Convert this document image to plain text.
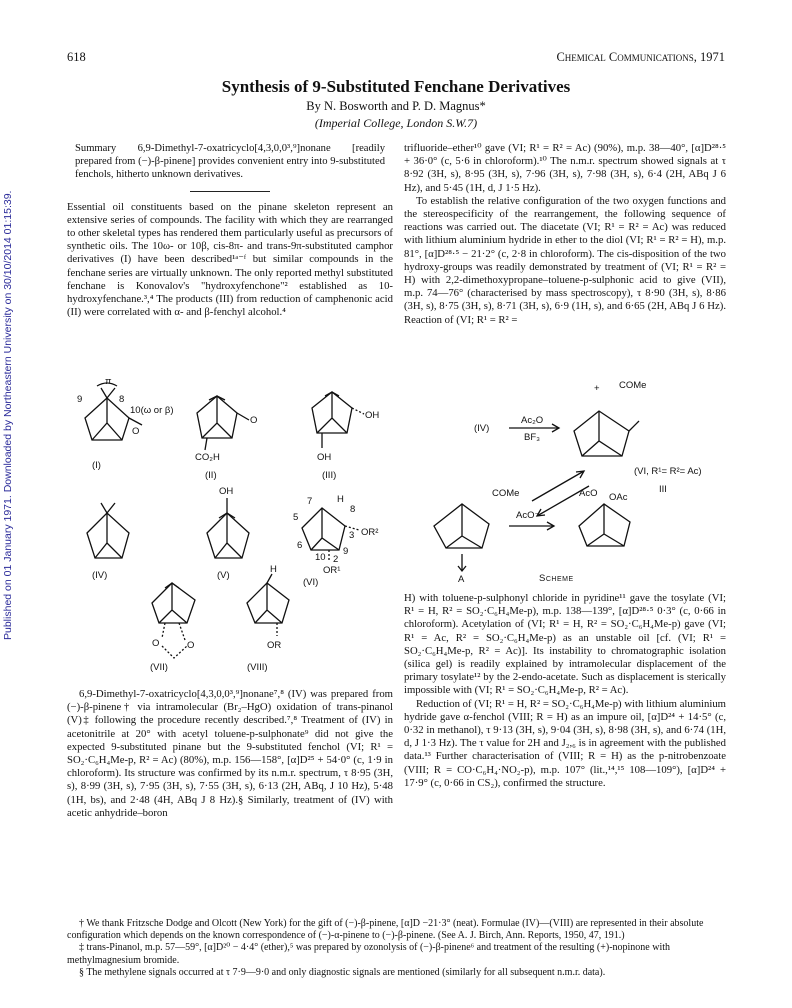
Published on 01 January 1971. Downloaded by Northeastern University on 30/10/2014 01:15:39.
618	Chemical Communications, 1971
Synthesis of 9-Substituted Fenchane Derivatives
By N. Bosworth and P. D. Magnus*
(Imperial College, London S.W.7)

Summary 6,9-Dimethyl-7-oxatricyclo[4,3,0,0³,⁹]nonane [readily prepared from (−)-β-pinene] provides convenient entry into 9-substituted fenchols, hitherto unknown derivatives.

Essential oil constituents based on the pinane skeleton represent an extensive series of compounds. The facility with which they are rearranged to other skeletal types has rendered them particularly useful as precursors of synthetic oils. The 10ω- or 10β, cis-8π- and trans-9π-substituted camphor derivatives (I) have been described¹ᵃ⁻ᶠ but similar compounds in the fenchane series are virtually unknown. The only reported methyl substituted fenchane is Konovalov's "hydroxyfenchone"² established as 10-hydroxyfenchane.³,⁴ The products (III) from reduction of camphenonic acid (II) were correlated with α- and β-fenchyl alcohol.⁴

trifluoride–ether¹⁰ gave (VI; R¹ = R² = Ac) (90%), m.p. 38—40°, [α]D²⁸·⁵ + 36·0° (c, 5·6 in chloroform).¹⁰ The n.m.r. spectrum showed signals at τ 8·92 (3H, s), 8·95 (3H, s), 7·96 (3H, s), 7·98 (3H, s), 6·4 (2H, ABq J 6 Hz), and 5·45 (1H, d, J 1·5 Hz).

To establish the relative configuration of the two oxygen functions and the stereospecificity of the rearrangement, the following sequence of reactions was carried out. The diacetate (VI; R¹ = R² = Ac) was reduced with lithium aluminium hydride in ether to the diol (VI; R¹ = R² = H), m.p. 81°, [α]D²⁸·⁵ − 21·2° (c, 2·8 in chloroform). The cis-disposition of the two hydroxy-groups was readily demonstrated by treatment of (VI; R¹ = R² = H) with 2,2-dimethoxypropane–toluene-p-sulphonic acid to give (VII), m.p. 74—76° (characterised by mass spectroscopy), τ 8·90 (3H, s), 8·86 (3H, s), 8·75 (3H, s), 8·71 (3H, s), 6·9 (1H, s), and 6·65 (2H, ABq J 6 Hz). Reaction of (VI; R¹ = R² =

π
9	8
10(ω or β)
O
(I)
O
CO₂H
(II)
OH
OH
(III)
(IV)
OH
(V)
7	H
8
5
6
3 OR²
10 2
9
OR¹
(VI)
O	O
(VII)
H
OR
(VIII)
+ COMe
(IV)
Ac₂O
BF₃
(VI, R¹= R²= Ac)
III
COMe	AcO OAc
AcO⁻
A	Scheme

6,9-Dimethyl-7-oxatricyclo[4,3,0,0³,⁹]nonane⁷,⁸ (IV) was prepared from (−)-β-pinene† via intramolecular (Br₂–HgO) oxidation of trans-pinanol (V)‡ following the procedure recently described.⁷,⁸ Treatment of (IV) in acetonitrile at 20° with acetyl toluene-p-sulphonate⁹ did not give the expected 9-substituted pinane but the 9-substituted fenchol (VI; R¹ = SO₂·C₆H₄Me-p, R² = Ac) (80%), m.p. 156—158°, [α]D²⁵ + 54·0° (c, 1·9 in chloroform). Its structure was confirmed by its n.m.r. spectrum, τ 8·95 (3H, s), 8·99 (3H, s), 7·95 (3H, s), 7·55 (3H, s), 6·13 (2H, ABq, J 10 Hz), 5·48 (1H, bs), and 2·48 (4H, ABq J 8 Hz).§ Similarly, treatment of (IV) with acetic anhydride–boron

H) with toluene-p-sulphonyl chloride in pyridine¹¹ gave the tosylate (VI; R¹ = H, R² = SO₂·C₆H₄Me-p), m.p. 138—139°, [α]D²⁸·⁵ 0·3° (c, 0·66 in chloroform). Acetylation of (VI; R¹ = H, R² = SO₂·C₆H₄Me-p) gave (VI; R¹ = Ac, R² = SO₂·C₆H₄Me-p) as an unstable oil [cf. (VI; R¹ = SO₂·C₆H₄Me-p, R² = Ac)]. Its instability to chromatographic isolation (silica gel) is readily explained by intramolecular displacement of the primary tosylate¹² by the 2-endo-acetate. Such as displacement is sterically impossible with (VI; R¹ = SO₂·C₆H₄Me-p, R² = Ac).

Reduction of (VI; R¹ = H, R² = SO₂·C₆H₄Me-p) with lithium aluminium hydride gave α-fenchol (VIII; R = H) as an impure oil, [α]D²⁴ + 14·5° (c, 0·32 in methanol), τ 9·13 (3H, s), 9·04 (3H, s), 8·98 (3H, s), and 6·74 (1H, d, J 1·3 Hz). The τ value for 2H and J₂,₆ is in agreement with the published data.¹³ Further characterisation of (VIII; R = H) as the p-nitrobenzoate (VIII; R = CO·C₆H₄·NO₂-p), m.p. 107° (lit.,¹⁴,¹⁵ 108—109°), [α]D²⁴ + 17·9° (c, 0·66 in CS₂), confirmed the structure.

† We thank Fritzsche Dodge and Olcott (New York) for the gift of (−)-β-pinene, [α]D −21·3° (neat). Formulae (IV)—(VIII) are represented in their absolute configuration which depends on the known correspondence of (−)-α-pinene to (−)-β-pinene. (See A. J. Birch, Ann. Reports, 1950, 47, 191.)

‡ trans-Pinanol, m.p. 57—59°, [α]D²⁰ − 4·4° (ether),⁵ was prepared by ozonolysis of (−)-β-pinene⁶ and treatment of the resulting (+)-nopinone with methylmagnesium bromide.

§ The methylene signals occurred at τ 7·9—9·0 and only diagnostic signals are mentioned (similarly for all subsequent n.m.r. data).
